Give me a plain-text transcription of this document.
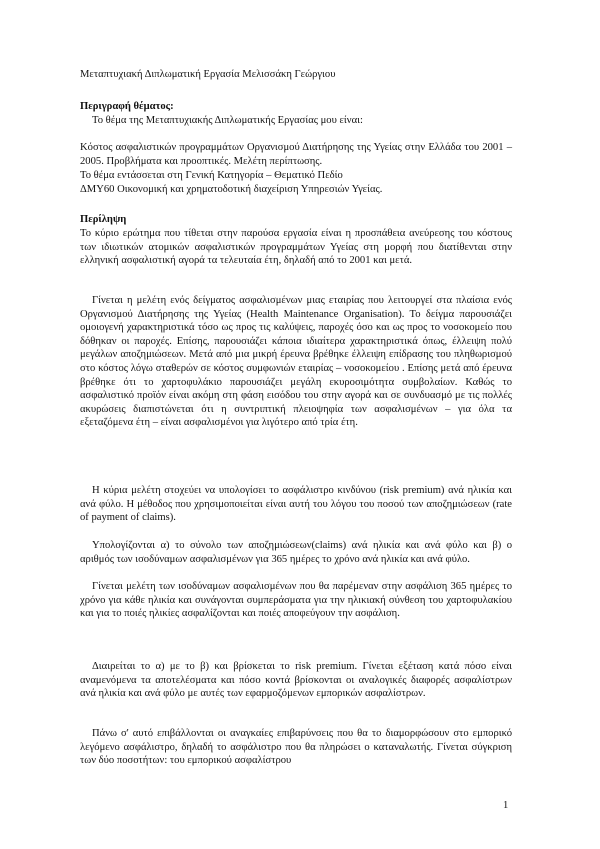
Μεταπτυχιακή Διπλωματική Εργασία Μελισσάκη Γεώργιου

Περιγραφή θέματος:

Το θέμα της Μεταπτυχιακής Διπλωματικής Εργασίας μου είναι:

Κόστος ασφαλιστικών προγραμμάτων Οργανισμού Διατήρησης της Υγείας στην Ελλάδα του 2001 – 2005. Προβλήματα και προοπτικές. Μελέτη περίπτωσης.

Το θέμα εντάσσεται στη Γενική Κατηγορία – Θεματικό Πεδίο

ΔΜΥ60 Οικονομική και χρηματοδοτική διαχείριση Υπηρεσιών Υγείας.

Περίληψη

Το κύριο ερώτημα που τίθεται στην παρούσα εργασία είναι η προσπάθεια ανεύρεσης του κόστους των ιδιωτικών ατομικών ασφαλιστικών προγραμμάτων Υγείας στη μορφή που διατίθενται στην ελληνική ασφαλιστική αγορά τα τελευταία έτη, δηλαδή από το 2001 και μετά.

Γίνεται η μελέτη ενός δείγματος ασφαλισμένων μιας εταιρίας που λειτουργεί στα πλαίσια ενός Οργανισμού Διατήρησης της Υγείας (Health Maintenance Organisation). Το δείγμα παρουσιάζει ομοιογενή χαρακτηριστικά τόσο ως προς τις καλύψεις, παροχές όσο και ως προς το νοσοκομείο που δόθηκαν οι παροχές. Επίσης, παρουσιάζει κάποια ιδιαίτερα χαρακτηριστικά όπως, έλλειψη πολύ μεγάλων αποζημιώσεων. Μετά από μια μικρή έρευνα βρέθηκε έλλειψη επίδρασης του πληθωρισμού στο κόστος λόγω σταθερών σε κόστος συμφωνιών εταιρίας – νοσοκομείου . Επίσης μετά από έρευνα βρέθηκε ότι το χαρτοφυλάκιο παρουσιάζει μεγάλη εκυροσιμότητα συμβολαίων. Καθώς το ασφαλιστικό προϊόν είναι ακόμη στη φάση εισόδου του στην αγορά και σε συνδυασμό με τις πολλές ακυρώσεις διαπιστώνεται ότι η συντριπτική πλειοψηφία των ασφαλισμένων – για όλα τα εξεταζόμενα έτη – είναι ασφαλισμένοι για λιγότερο από τρία έτη.

Η κύρια μελέτη στοχεύει να υπολογίσει το ασφάλιστρο κινδύνου (risk premium) ανά ηλικία και ανά φύλο. Η μέθοδος που χρησιμοποιείται είναι αυτή του λόγου του ποσού των αποζημιώσεων (rate of payment of claims).

Υπολογίζονται α) το σύνολο των αποζημιώσεων(claims) ανά ηλικία και ανά φύλο και β) ο αριθμός των ισοδύναμων ασφαλισμένων για 365 ημέρες το χρόνο ανά ηλικία και ανά φύλο.

Γίνεται μελέτη των ισοδύναμων ασφαλισμένων που θα παρέμεναν στην ασφάλιση 365 ημέρες το χρόνο για κάθε ηλικία και συνάγονται συμπεράσματα για την ηλικιακή σύνθεση του χαρτοφυλακίου και για το ποιές ηλικίες ασφαλίζονται και ποιές αποφεύγουν την ασφάλιση.

Διαιρείται το α) με το β) και βρίσκεται το risk premium. Γίνεται εξέταση κατά πόσο είναι αναμενόμενα τα αποτελέσματα και πόσο κοντά βρίσκονται οι αναλογικές διαφορές ασφαλίστρων ανά ηλικία και ανά φύλο με αυτές των εφαρμοζόμενων εμπορικών ασφαλίστρων.

Πάνω σ' αυτό επιβάλλονται οι αναγκαίες επιβαρύνσεις που θα το διαμορφώσουν στο εμπορικό λεγόμενο ασφάλιστρο, δηλαδή το ασφάλιστρο που θα πληρώσει ο καταναλωτής. Γίνεται σύγκριση των δύο ποσοτήτων: του εμπορικού ασφαλίστρου

1
